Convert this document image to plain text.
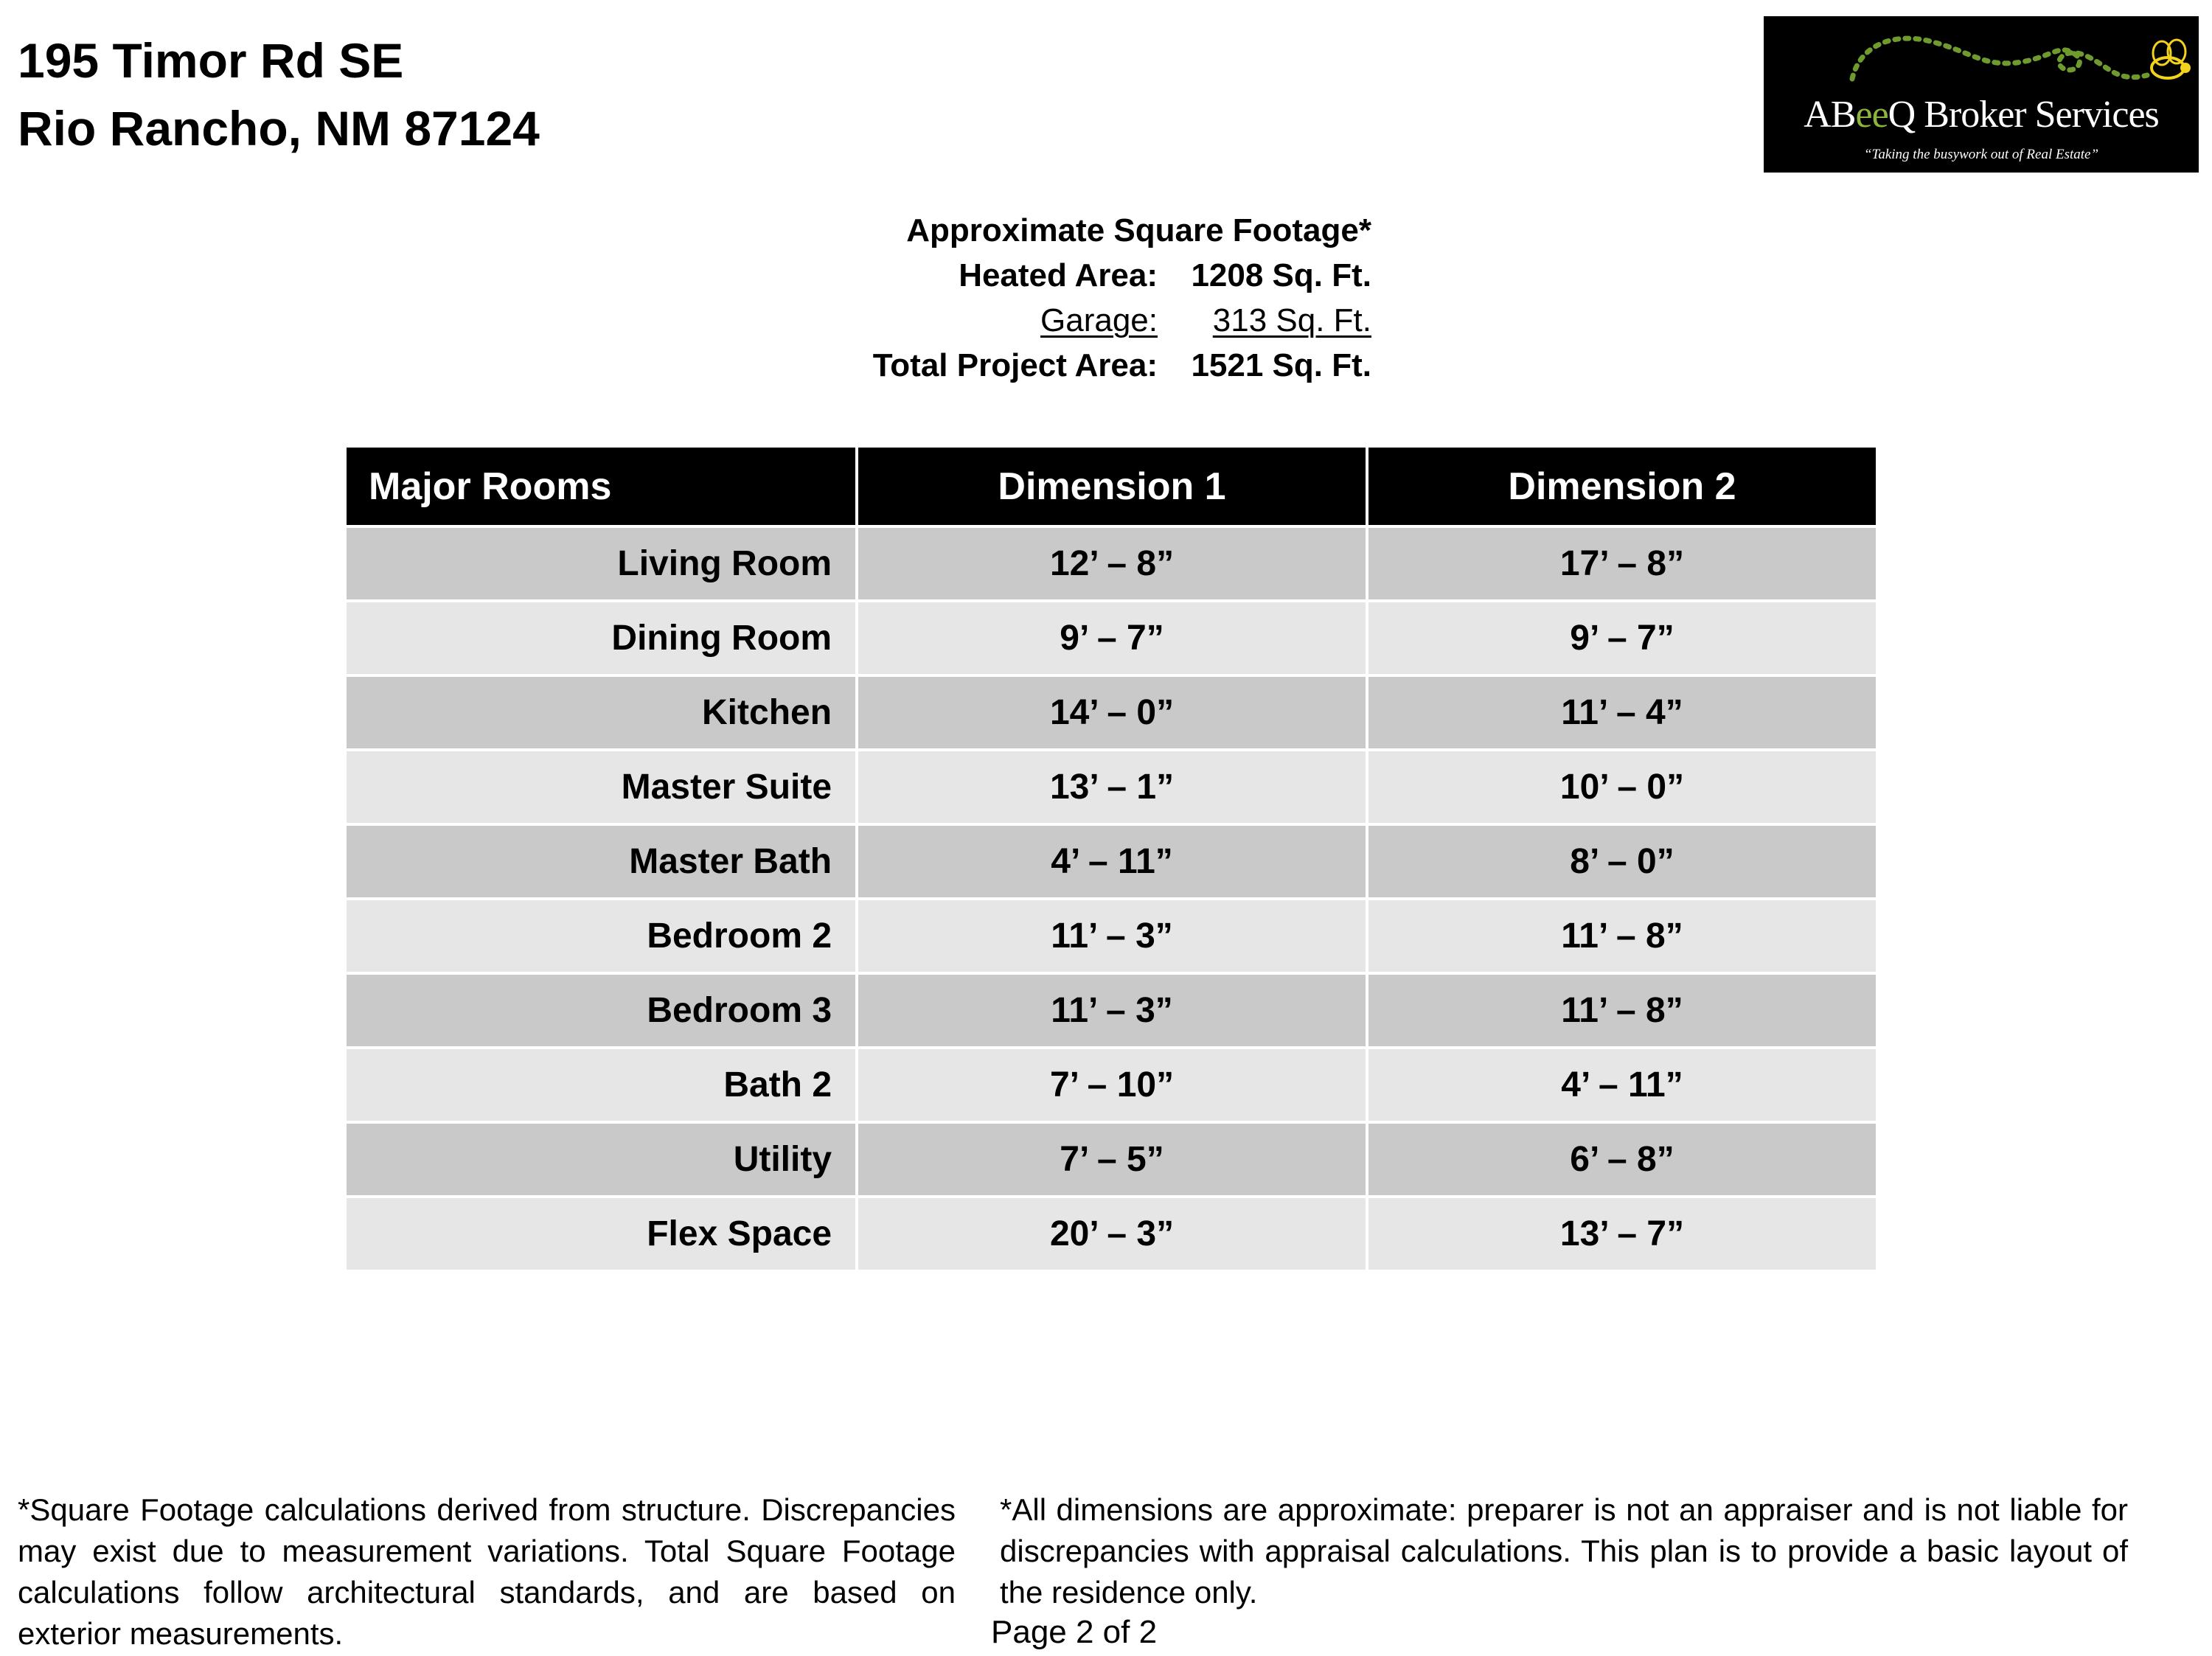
195 Timor Rd SE
Rio Rancho, NM 87124	ABeeQ Broker Services
“Taking the busywork out of Real Estate”
Approximate Square Footage*
Heated Area:	1208 Sq. Ft.
Garage:	313 Sq. Ft.
Total Project Area:	1521 Sq. Ft.
Major Rooms	Dimension 1	Dimension 2
Living Room	12’ – 8”	17’ – 8”
Dining Room	9’ – 7”	9’ – 7”
Kitchen	14’ – 0”	11’ – 4”
Master Suite	13’ – 1”	10’ – 0”
Master Bath	4’ – 11”	8’ – 0”
Bedroom 2	11’ – 3”	11’ – 8”
Bedroom 3	11’ – 3”	11’ – 8”
Bath 2	7’ – 10”	4’ – 11”
Utility	7’ – 5”	6’ – 8”
Flex Space	20’ – 3”	13’ – 7”
*Square Footage calculations derived from structure. Discrepancies may exist due to measurement variations. Total Square Footage calculations follow architectural standards, and are based on exterior measurements.
*All dimensions are approximate: preparer is not an appraiser and is not liable for discrepancies with appraisal calculations. This plan is to provide a basic layout of the residence only.
Page 2 of 2
